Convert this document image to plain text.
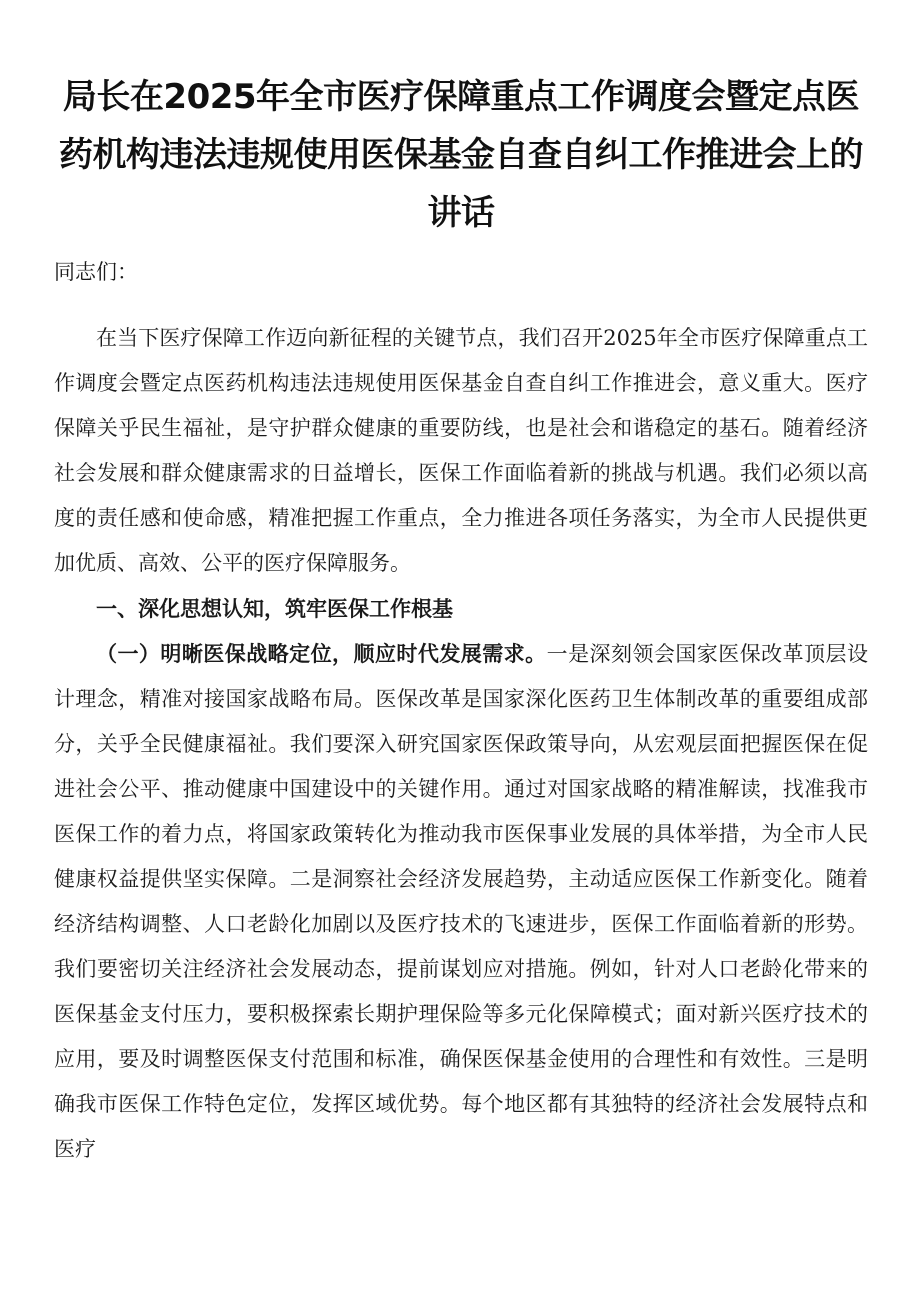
局长在2025年全市医疗保障重点工作调度会暨定点医药机构违法违规使用医保基金自查自纠工作推进会上的讲话

同志们：

在当下医疗保障工作迈向新征程的关键节点，我们召开2025年全市医疗保障重点工作调度会暨定点医药机构违法违规使用医保基金自查自纠工作推进会，意义重大。医疗保障关乎民生福祉，是守护群众健康的重要防线，也是社会和谐稳定的基石。随着经济社会发展和群众健康需求的日益增长，医保工作面临着新的挑战与机遇。我们必须以高度的责任感和使命感，精准把握工作重点，全力推进各项任务落实，为全市人民提供更加优质、高效、公平的医疗保障服务。

一、深化思想认知，筑牢医保工作根基

（一）明晰医保战略定位，顺应时代发展需求。一是深刻领会国家医保改革顶层设计理念，精准对接国家战略布局。医保改革是国家深化医药卫生体制改革的重要组成部分，关乎全民健康福祉。我们要深入研究国家医保政策导向，从宏观层面把握医保在促进社会公平、推动健康中国建设中的关键作用。通过对国家战略的精准解读，找准我市医保工作的着力点，将国家政策转化为推动我市医保事业发展的具体举措，为全市人民健康权益提供坚实保障。二是洞察社会经济发展趋势，主动适应医保工作新变化。随着经济结构调整、人口老龄化加剧以及医疗技术的飞速进步，医保工作面临着新的形势。我们要密切关注经济社会发展动态，提前谋划应对措施。例如，针对人口老龄化带来的医保基金支付压力，要积极探索长期护理保险等多元化保障模式；面对新兴医疗技术的应用，要及时调整医保支付范围和标准，确保医保基金使用的合理性和有效性。三是明确我市医保工作特色定位，发挥区域优势。每个地区都有其独特的经济社会发展特点和医疗
